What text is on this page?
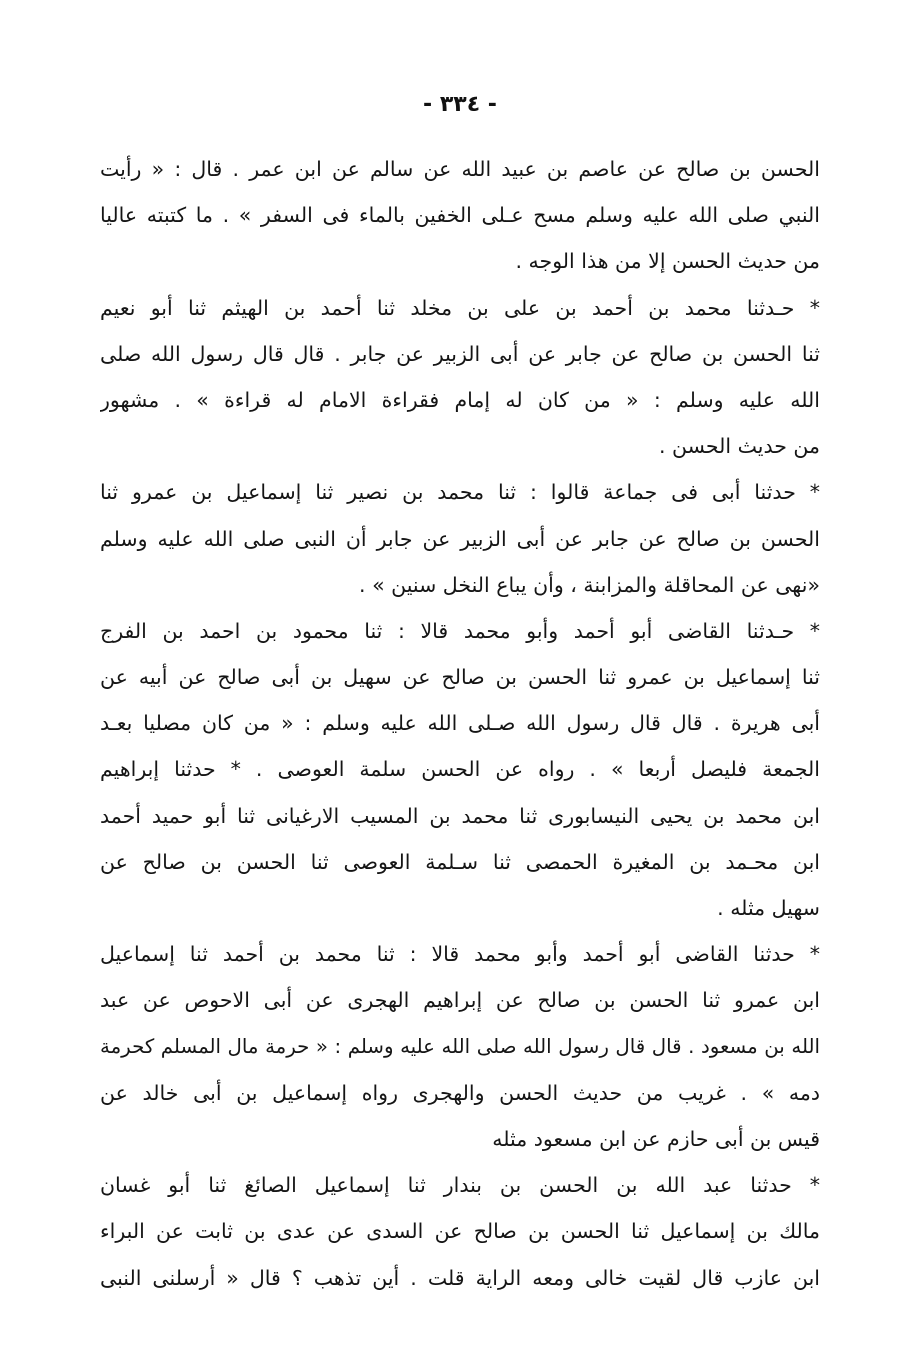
- ٣٣٤ -

الحسن بن صالح عن عاصم بن عبيد الله عن سالم عن ابن عمر . قال : « رأيت
النبي صلى الله عليه وسلم مسح عـلى الخفين بالماء فى السفر » . ما كتبته عاليا
من حديث الحسن إلا من هذا الوجه .

* حـدثنا محمد بن أحمد بن على بن مخلد ثنا أحمد بن الهيثم ثنا أبو نعيم
ثنا الحسن بن صالح عن جابر عن أبى الزبير عن جابر . قال قال رسول الله صلى
الله عليه وسلم : « من كان له إمام فقراءة الامام له قراءة » . مشهور
من حديث الحسن .

* حدثنا أبى فى جماعة قالوا : ثنا محمد بن نصير ثنا إسماعيل بن عمرو ثنا
الحسن بن صالح عن جابر عن أبى الزبير عن جابر أن النبى صلى الله عليه وسلم
«نهى عن المحاقلة والمزابنة ، وأن يباع النخل سنين » .

* حـدثنا القاضى أبو أحمد وأبو محمد قالا : ثنا محمود بن احمد بن الفرج
ثنا إسماعيل بن عمرو ثنا الحسن بن صالح عن سهيل بن أبى صالح عن أبيه عن
أبى هريرة . قال قال رسول الله صـلى الله عليه وسلم : « من كان مصليا بعـد
الجمعة فليصل أربعا » . رواه عن الحسن سلمة العوصى . * حدثنا إبراهيم
ابن محمد بن يحيى النيسابورى ثنا محمد بن المسيب الارغيانى ثنا أبو حميد أحمد
ابن محـمد بن المغيرة الحمصى ثنا سـلمة العوصى ثنا الحسن بن صالح عن
سهيل مثله .

* حدثنا القاضى أبو أحمد وأبو محمد قالا : ثنا محمد بن أحمد ثنا إسماعيل
ابن عمرو ثنا الحسن بن صالح عن إبراهيم الهجرى عن أبى الاحوص عن عبد
الله بن مسعود . قال قال رسول الله صلى الله عليه وسلم : « حرمة مال المسلم كحرمة
دمه » . غريب من حديث الحسن والهجرى رواه إسماعيل بن أبى خالد عن
قيس بن أبى حازم عن ابن مسعود مثله

* حدثنا عبد الله بن الحسن بن بندار ثنا إسماعيل الصائغ ثنا أبو غسان
مالك بن إسماعيل ثنا الحسن بن صالح عن السدى عن عدى بن ثابت عن البراء
ابن عازب قال لقيت خالى ومعه الراية قلت . أين تذهب ؟ قال « أرسلنى النبى
